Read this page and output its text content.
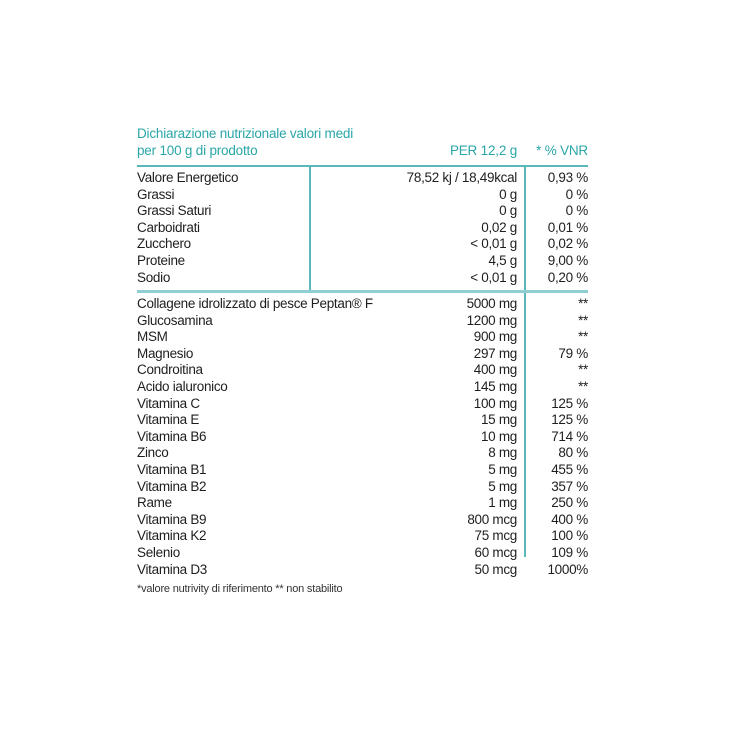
Dichiarazione nutrizionale valori medi
per 100 g di prodotto	PER 12,2 g * % VNR
Valore Energetico	78,52 kj / 18,49kcal 0,93 %
Grassi	0 g	0 %
Grassi Saturi	0 g	0 %
Carboidrati	0,02 g 0,01 %
Zucchero	< 0,01 g 0,02 %
Proteine	4,5 g 9,00 %
Sodio	< 0,01 g 0,20 %
Collagene idrolizzato di pesce Peptan® F	5000 mg	**
Glucosamina	1200 mg	**
MSM	900 mg	**
Magnesio	297 mg	79 %
Condroitina	400 mg	**
Acido ialuronico	145 mg	**
Vitamina C	100 mg	125 %
Vitamina E	15 mg	125 %
Vitamina B6	10 mg	714 %
Zinco	8 mg	80 %
Vitamina B1	5 mg	455 %
Vitamina B2	5 mg	357 %
Rame	1 mg	250 %
Vitamina B9	800 mcg	400 %
Vitamina K2	75 mcg	100 %
Selenio	60 mcg	109 %
Vitamina D3	50 mcg 1000%
*valore nutrivity di riferimento ** non stabilito
